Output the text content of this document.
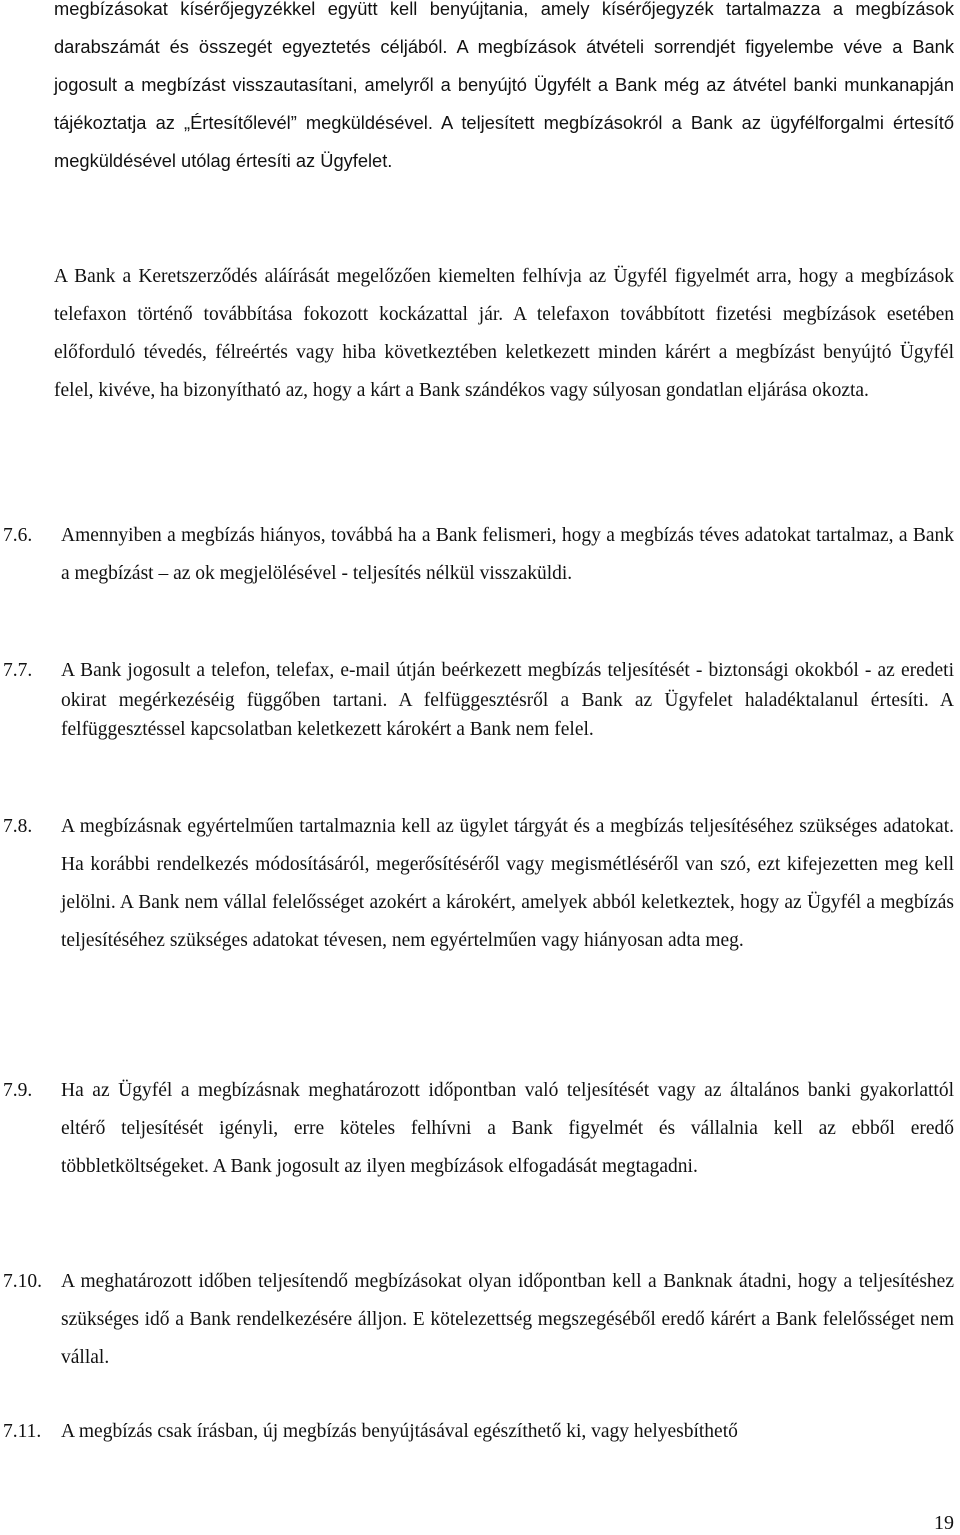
megbízásokat kísérőjegyzékkel együtt kell benyújtania, amely kísérőjegyzék tartalmazza a megbízások darabszámát és összegét egyeztetés céljából. A megbízások átvételi sorrendjét figyelembe véve a Bank jogosult a megbízást visszautasítani, amelyről a benyújtó Ügyfélt a Bank még az átvétel banki munkanapján tájékoztatja az „Értesítőlevél” megküldésével. A teljesített megbízásokról a Bank az ügyfélforgalmi értesítő megküldésével utólag értesíti az Ügyfelet.

A Bank a Keretszerződés aláírását megelőzően kiemelten felhívja az Ügyfél figyelmét arra, hogy a megbízások telefaxon történő továbbítása fokozott kockázattal jár. A telefaxon továbbított fizetési megbízások esetében előforduló tévedés, félreértés vagy hiba következtében keletkezett minden kárért a megbízást benyújtó Ügyfél felel, kivéve, ha bizonyítható az, hogy a kárt a Bank szándékos vagy súlyosan gondatlan eljárása okozta.

7.6.	Amennyiben a megbízás hiányos, továbbá ha a Bank felismeri, hogy a megbízás téves adatokat tartalmaz, a Bank a megbízást – az ok megjelölésével - teljesítés nélkül visszaküldi.
7.7.	A Bank jogosult a telefon, telefax, e-mail útján beérkezett megbízás teljesítését - biztonsági okokból - az eredeti okirat megérkezéséig függőben tartani. A felfüggesztésről a Bank az Ügyfelet haladéktalanul értesíti. A felfüggesztéssel kapcsolatban keletkezett károkért a Bank nem felel.
7.8.	A megbízásnak egyértelműen tartalmaznia kell az ügylet tárgyát és a megbízás teljesítéséhez szükséges adatokat. Ha korábbi rendelkezés módosításáról, megerősítéséről vagy megismétléséről van szó, ezt kifejezetten meg kell jelölni. A Bank nem vállal felelősséget azokért a károkért, amelyek abból keletkeztek, hogy az Ügyfél a megbízás teljesítéséhez szükséges adatokat tévesen, nem egyértelműen vagy hiányosan adta meg.
7.9.	Ha az Ügyfél a megbízásnak meghatározott időpontban való teljesítését vagy az általános banki gyakorlattól eltérő teljesítését igényli, erre köteles felhívni a Bank figyelmét és vállalnia kell az ebből eredő többletköltségeket. A Bank jogosult az ilyen megbízások elfogadását megtagadni.
7.10. A meghatározott időben teljesítendő megbízásokat olyan időpontban kell a Banknak átadni, hogy a teljesítéshez szükséges idő a Bank rendelkezésére álljon. E kötelezettség megszegéséből eredő kárért a Bank felelősséget nem vállal.
7.11.	A megbízás csak írásban, új megbízás benyújtásával egészíthető ki, vagy helyesbíthető
19
